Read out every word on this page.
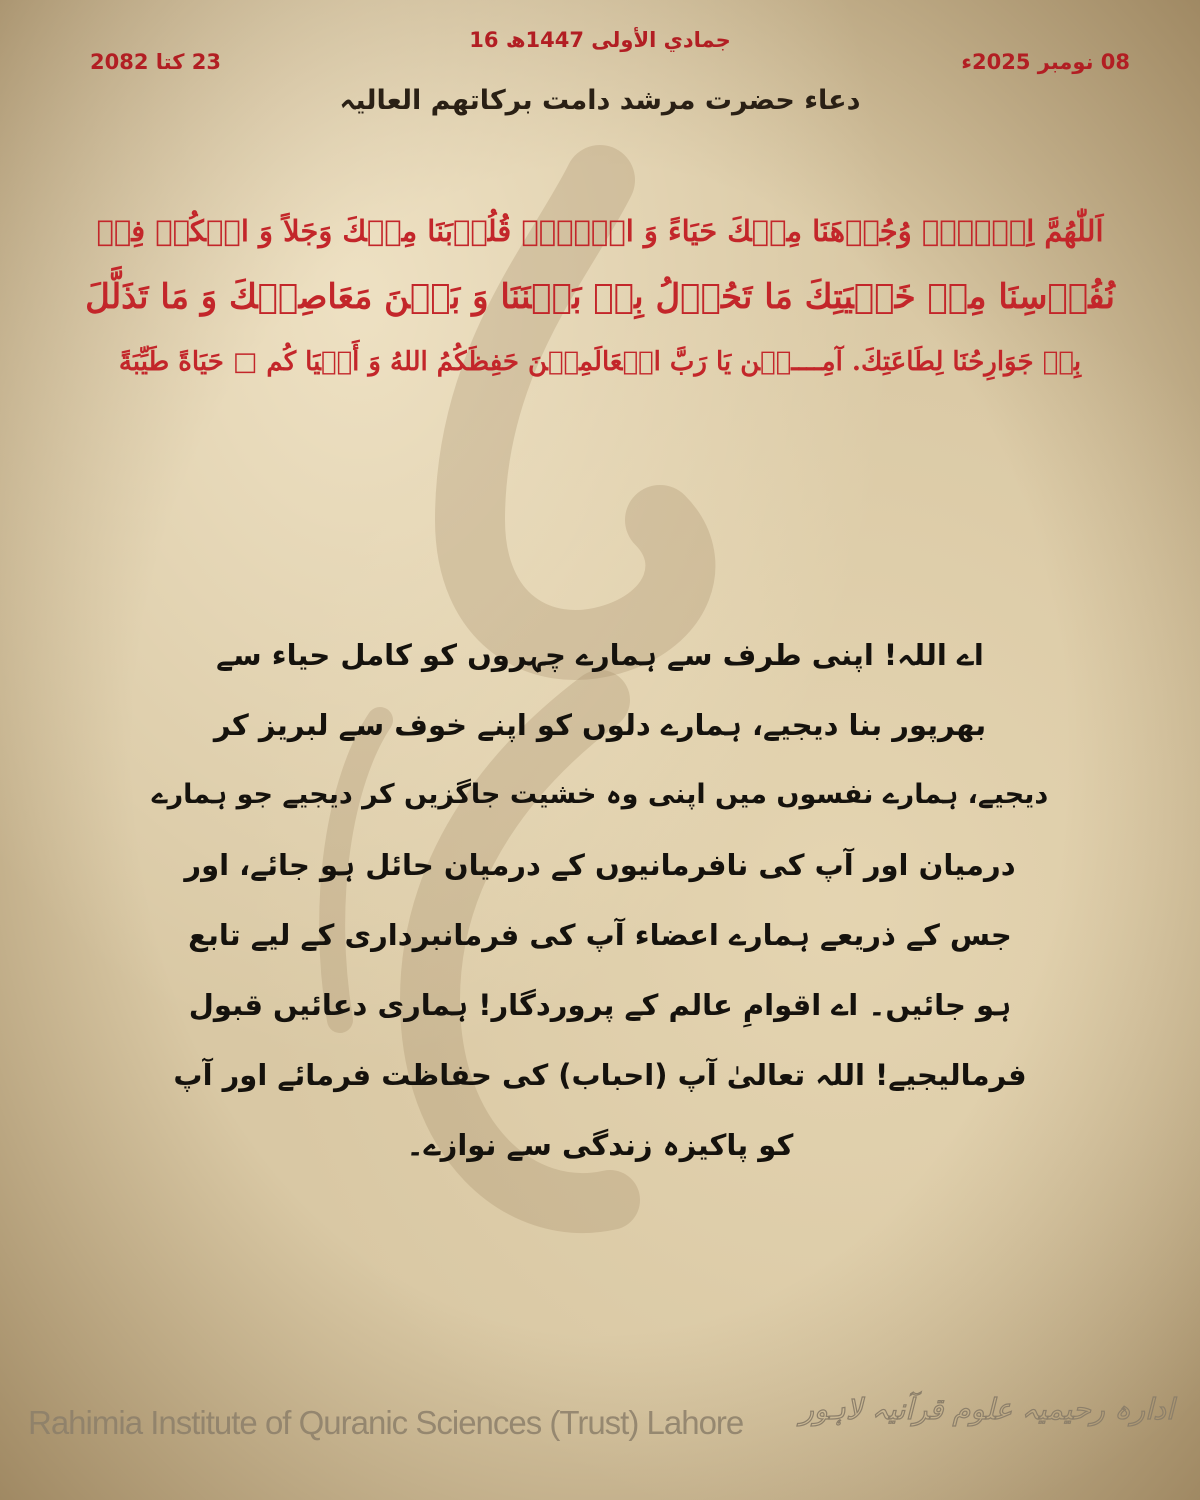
16 جمادي الأولى 1447ھ
08 نومبر 2025ء
23 کتا 2082
دعاء حضرت مرشد دامت برکاتھم العالیہ
اَللّٰھُمَّ اِمۡلَأۡ وُجُوۡھَنَا مِنۡكَ حَيَاءً وَ امۡلَأۡ قُلُوۡبَنَا مِنۡكَ وَجَلاً وَ اسۡكُنۡ فِیۡ
نُفُوۡسِنَا مِنۡ خَشۡيَتِكَ مَا تَحُوۡلُ بِهٖ بَيۡنَنَا وَ بَيۡنَ مَعَاصِيۡكَ وَ مَا تَذَلَّلَ
بِهٖ جَوَارِحُنَا لِطَاعَتِكَ. آمِــــيۡن يَا رَبَّ الۡعَالَمِيۡنَ حَفِظَكُمُ اللهُ وَ أَحۡيَا كُم □ حَيَاةً طَيِّبَةً
اے اللہ! اپنی طرف سے ہمارے چہروں کو کامل حیاء سے
بھرپور بنا دیجیے، ہمارے دلوں کو اپنے خوف سے لبریز کر
دیجیے، ہمارے نفسوں میں اپنی وہ خشیت جاگزیں کر دیجیے جو ہمارے
درمیان اور آپ کی نافرمانیوں کے درمیان حائل ہو جائے، اور
جس کے ذریعے ہمارے اعضاء آپ کی فرمانبرداری کے لیے تابع
ہو جائیں۔ اے اقوامِ عالم کے پروردگار! ہماری دعائیں قبول
فرمالیجیے! اللہ تعالیٰ آپ (احباب) کی حفاظت فرمائے اور آپ
کو پاکیزہ زندگی سے نوازے۔
Rahimia Institute of Quranic Sciences (Trust) Lahore ادارہ رحیمیہ علوم قرآنیہ لاہور
